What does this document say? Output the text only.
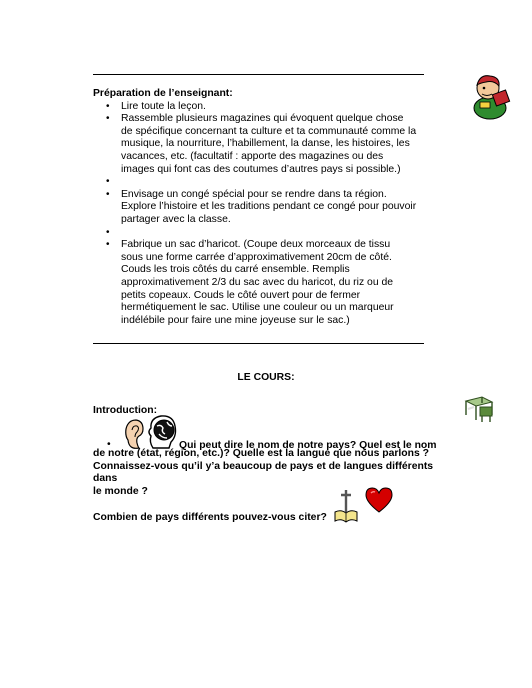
Préparation de l’enseignant:

• Lire toute la leçon.
• Rassemble plusieurs magazines qui évoquent quelque chose
de spécifique concernant ta culture et ta communauté comme la
musique, la nourriture, l’habillement, la danse, les histoires, les
vacances, etc. (facultatif : apporte des magazines ou des
images qui font cas des coutumes d’autres pays si possible.)
•
• Envisage un congé spécial pour se rendre dans ta région.
Explore l’histoire et les traditions pendant ce congé pour pouvoir
partager avec la classe.
•
• Fabrique un sac d’haricot. (Coupe deux morceaux de tissu
sous une forme carrée d’approximativement 20cm de côté.
Couds les trois côtés du carré ensemble. Remplis
approximativement 2/3 du sac avec du haricot, du riz ou de
petits copeaux. Couds le côté ouvert pour de fermer
hermétiquement le sac. Utilise une couleur ou un marqueur
indélébile pour faire une mine joyeuse sur le sac.)
LE COURS:
Introduction:
•	Qui peut dire le nom de notre pays? Quel est le nom
de notre (état, région, etc.)? Quelle est la langue que nous parlons ?
Connaissez-vous qu’il y’a beaucoup de pays et de langues différents dans
le monde ?
Combien de pays différents pouvez-vous citer?
